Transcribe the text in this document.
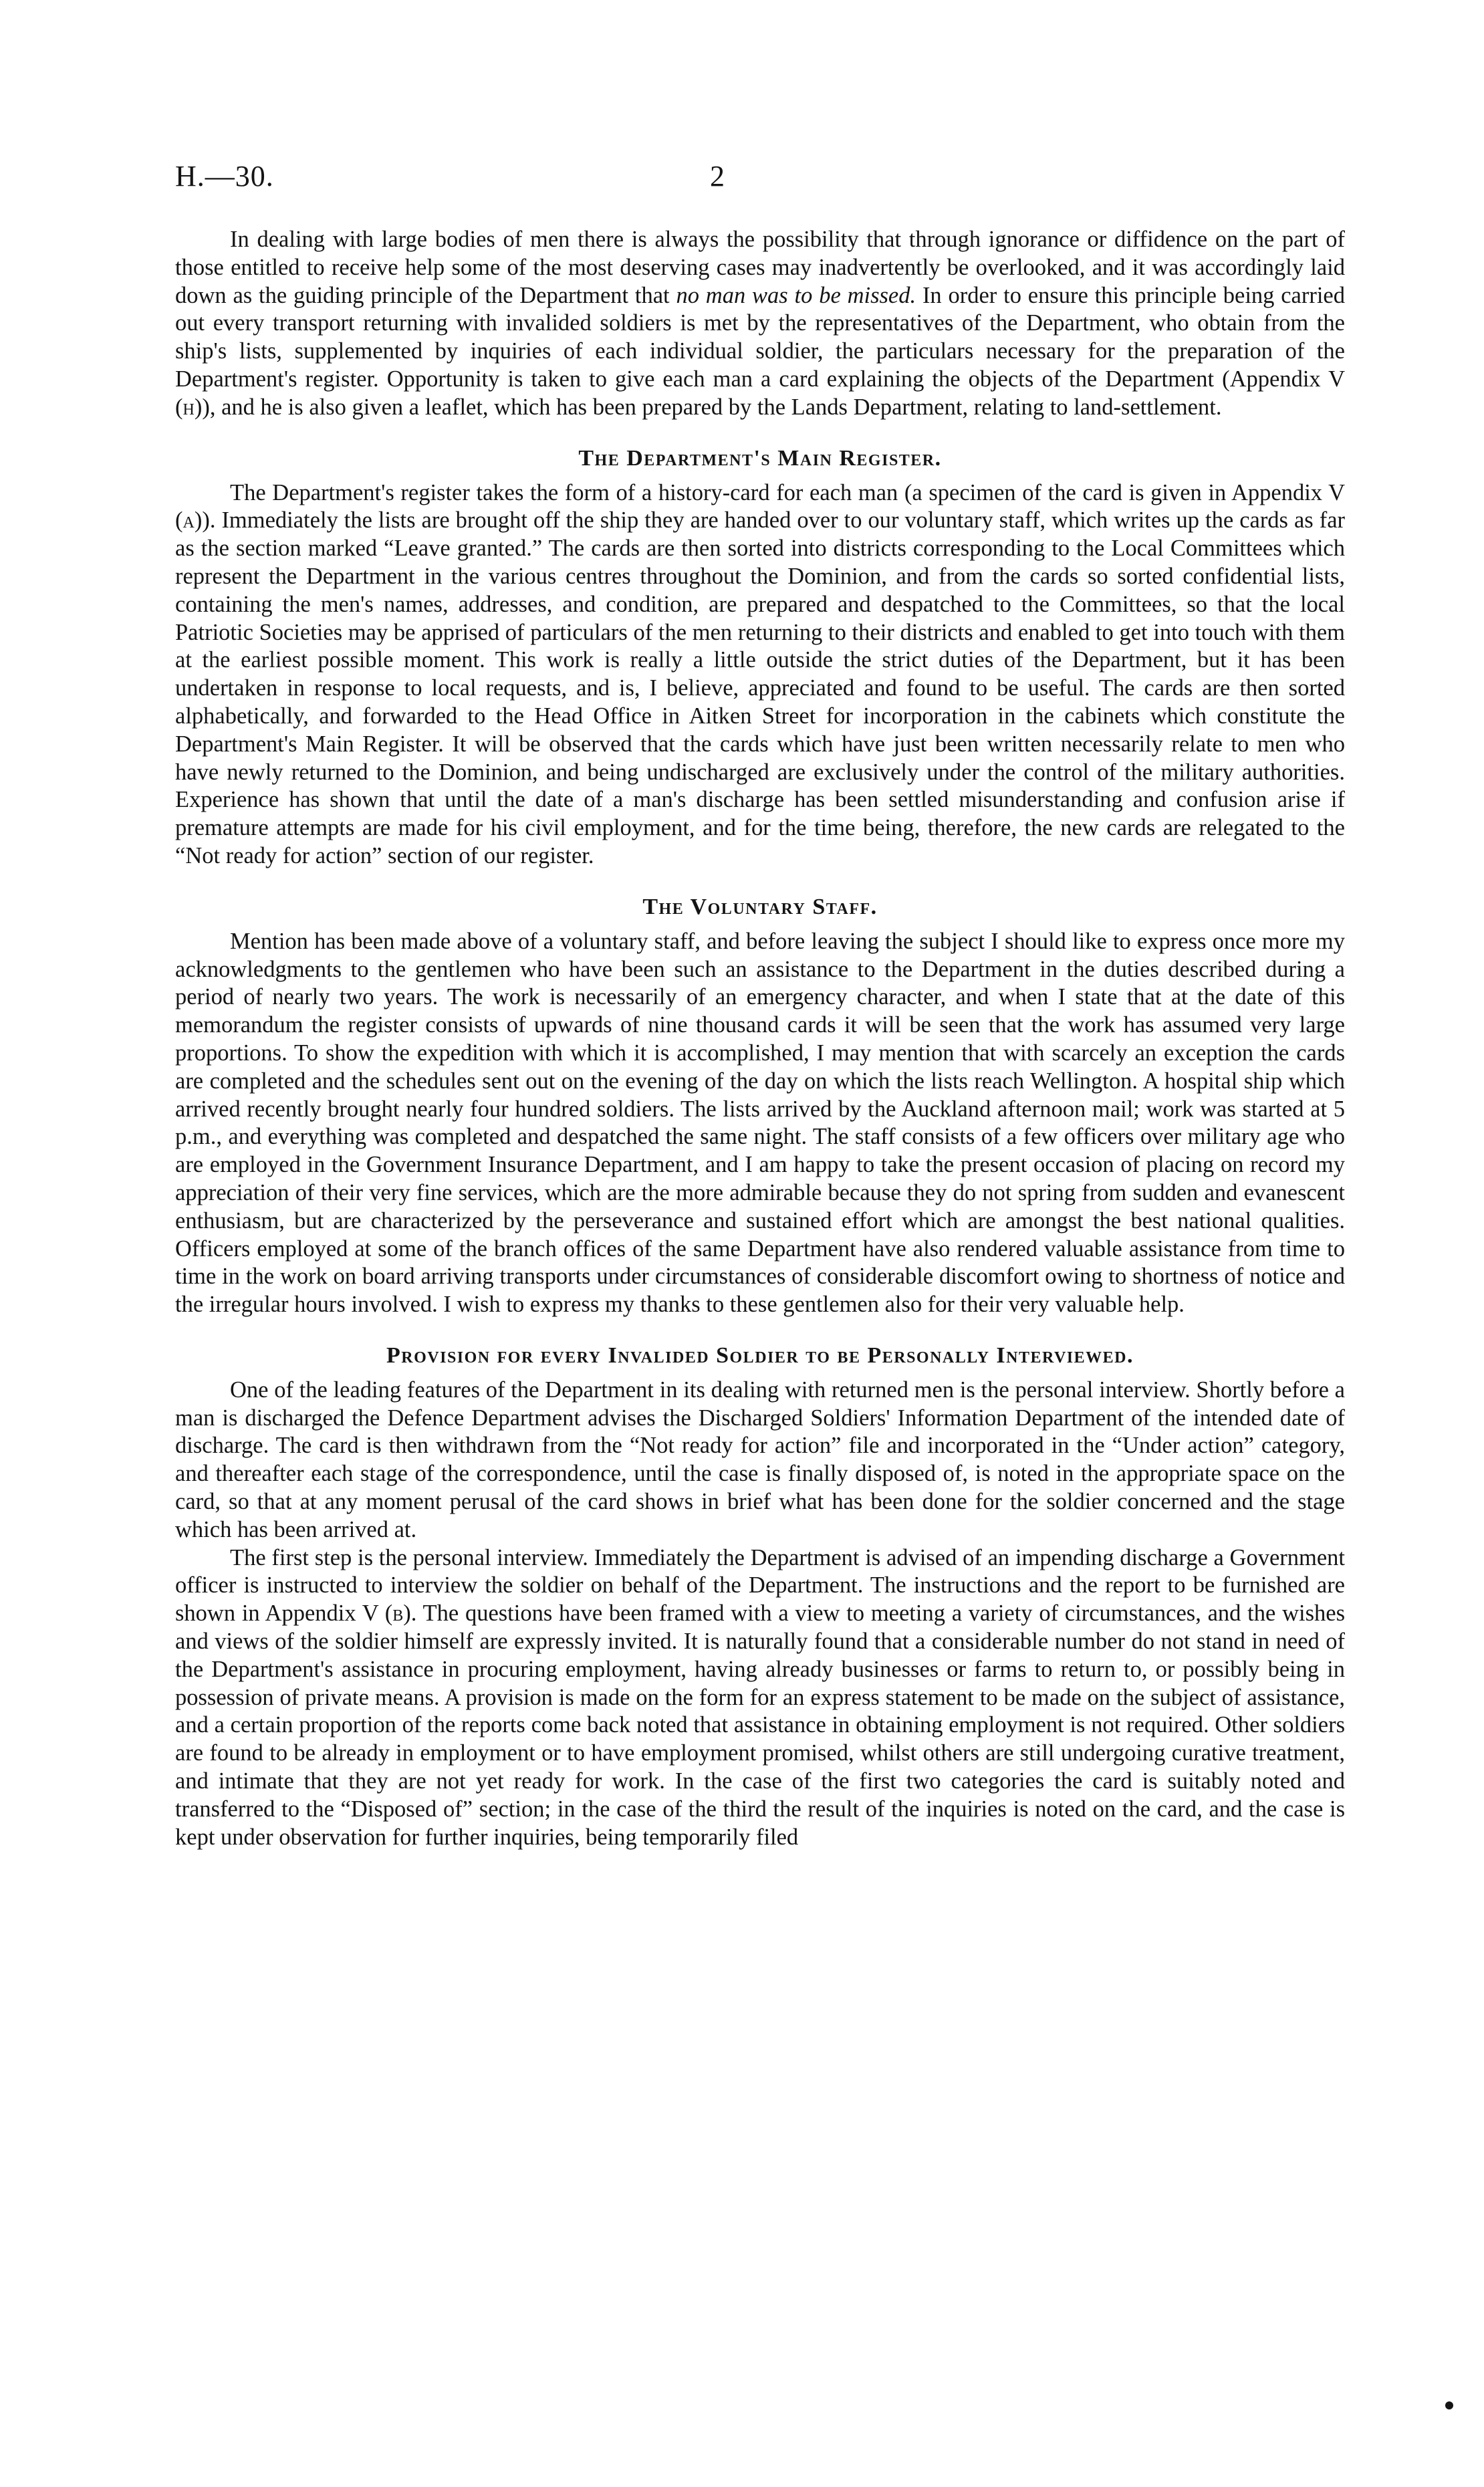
H.—30.	2

In dealing with large bodies of men there is always the possibility that through ignorance or diffidence on the part of those entitled to receive help some of the most deserving cases may inadvertently be overlooked, and it was accordingly laid down as the guiding principle of the Department that no man was to be missed. In order to ensure this principle being carried out every transport returning with invalided soldiers is met by the representatives of the Department, who obtain from the ship's lists, supplemented by inquiries of each individual soldier, the particulars necessary for the preparation of the Department's register. Opportunity is taken to give each man a card explaining the objects of the Department (Appendix V (h)), and he is also given a leaflet, which has been prepared by the Lands Department, relating to land-settlement.

The Department's Main Register.

The Department's register takes the form of a history-card for each man (a specimen of the card is given in Appendix V (a)). Immediately the lists are brought off the ship they are handed over to our voluntary staff, which writes up the cards as far as the section marked “Leave granted.” The cards are then sorted into districts corresponding to the Local Committees which represent the Department in the various centres throughout the Dominion, and from the cards so sorted confidential lists, containing the men's names, addresses, and condition, are prepared and despatched to the Committees, so that the local Patriotic Societies may be apprised of particulars of the men returning to their districts and enabled to get into touch with them at the earliest possible moment. This work is really a little outside the strict duties of the Department, but it has been undertaken in response to local requests, and is, I believe, appreciated and found to be useful. The cards are then sorted alphabetically, and forwarded to the Head Office in Aitken Street for incorporation in the cabinets which constitute the Department's Main Register. It will be observed that the cards which have just been written necessarily relate to men who have newly returned to the Dominion, and being undischarged are exclusively under the control of the military authorities. Experience has shown that until the date of a man's discharge has been settled misunderstanding and confusion arise if premature attempts are made for his civil employment, and for the time being, therefore, the new cards are relegated to the “Not ready for action” section of our register.

The Voluntary Staff.

Mention has been made above of a voluntary staff, and before leaving the subject I should like to express once more my acknowledgments to the gentlemen who have been such an assistance to the Department in the duties described during a period of nearly two years. The work is necessarily of an emergency character, and when I state that at the date of this memorandum the register consists of upwards of nine thousand cards it will be seen that the work has assumed very large proportions. To show the expedition with which it is accomplished, I may mention that with scarcely an exception the cards are completed and the schedules sent out on the evening of the day on which the lists reach Wellington. A hospital ship which arrived recently brought nearly four hundred soldiers. The lists arrived by the Auckland afternoon mail; work was started at 5 p.m., and everything was completed and despatched the same night. The staff consists of a few officers over military age who are employed in the Government Insurance Department, and I am happy to take the present occasion of placing on record my appreciation of their very fine services, which are the more admirable because they do not spring from sudden and evanescent enthusiasm, but are characterized by the perseverance and sustained effort which are amongst the best national qualities. Officers employed at some of the branch offices of the same Department have also rendered valuable assistance from time to time in the work on board arriving transports under circumstances of considerable discomfort owing to shortness of notice and the irregular hours involved. I wish to express my thanks to these gentlemen also for their very valuable help.

Provision for every Invalided Soldier to be Personally Interviewed.

One of the leading features of the Department in its dealing with returned men is the personal interview. Shortly before a man is discharged the Defence Department advises the Discharged Soldiers' Information Department of the intended date of discharge. The card is then withdrawn from the “Not ready for action” file and incorporated in the “Under action” category, and thereafter each stage of the correspondence, until the case is finally disposed of, is noted in the appropriate space on the card, so that at any moment perusal of the card shows in brief what has been done for the soldier concerned and the stage which has been arrived at.

The first step is the personal interview. Immediately the Department is advised of an impending discharge a Government officer is instructed to interview the soldier on behalf of the Department. The instructions and the report to be furnished are shown in Appendix V (b). The questions have been framed with a view to meeting a variety of circumstances, and the wishes and views of the soldier himself are expressly invited. It is naturally found that a considerable number do not stand in need of the Department's assistance in procuring employment, having already businesses or farms to return to, or possibly being in possession of private means. A provision is made on the form for an express statement to be made on the subject of assistance, and a certain proportion of the reports come back noted that assistance in obtaining employment is not required. Other soldiers are found to be already in employment or to have employment promised, whilst others are still undergoing curative treatment, and intimate that they are not yet ready for work. In the case of the first two categories the card is suitably noted and transferred to the “Disposed of” section; in the case of the third the result of the inquiries is noted on the card, and the case is kept under observation for further inquiries, being temporarily filed
